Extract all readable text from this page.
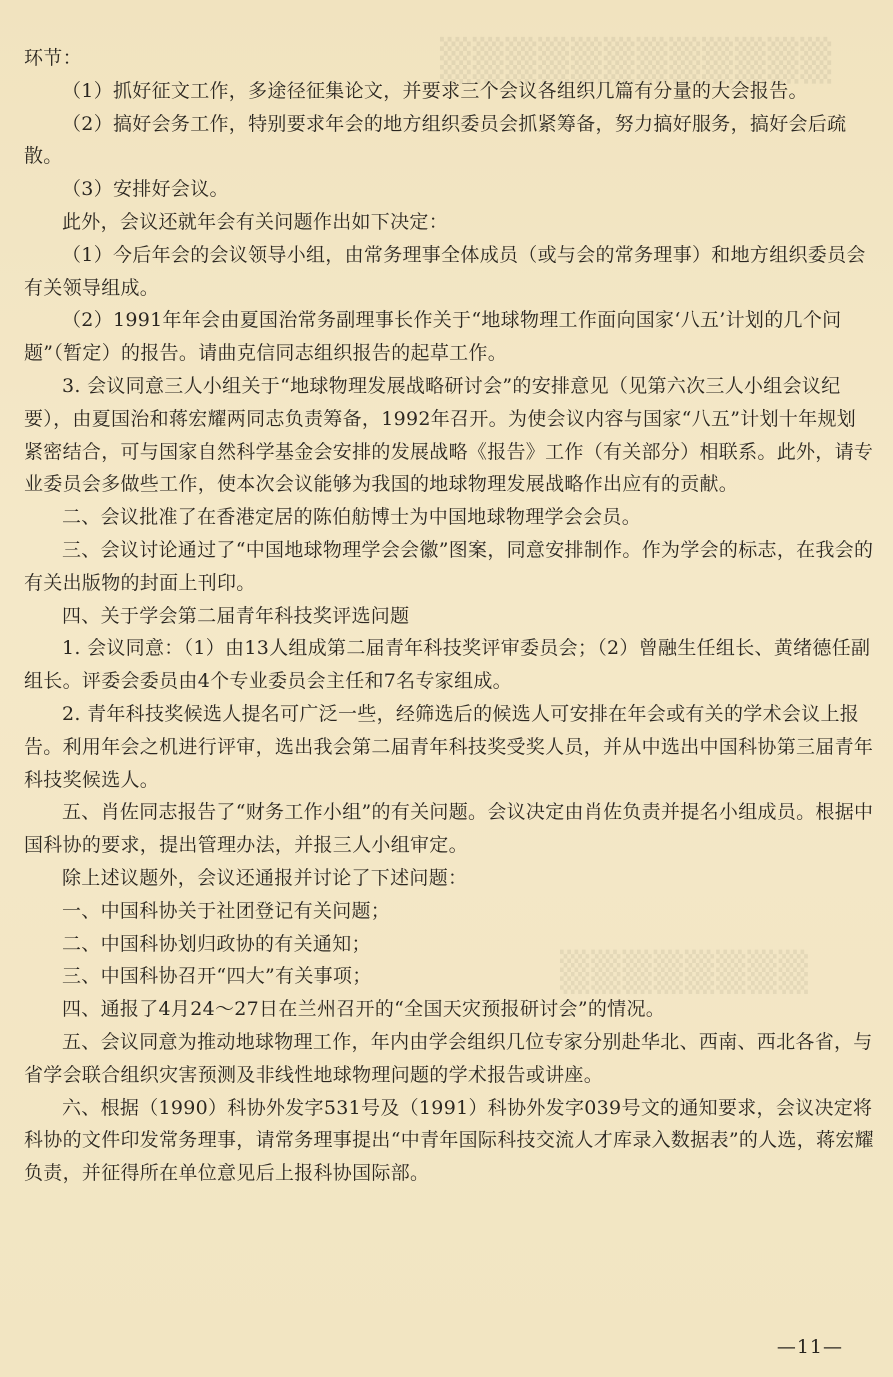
▒▒▒▒▒▒▒▒▒▒▒▒
▒▒▒▒▒▒▒▒

环节：

（1）抓好征文工作，多途径征集论文，并要求三个会议各组织几篇有分量的大会报告。

（2）搞好会务工作，特别要求年会的地方组织委员会抓紧筹备，努力搞好服务，搞好会后疏散。

（3）安排好会议。

此外，会议还就年会有关问题作出如下决定：

（1）今后年会的会议领导小组，由常务理事全体成员（或与会的常务理事）和地方组织委员会有关领导组成。

（2）1991年年会由夏国治常务副理事长作关于“地球物理工作面向国家‘八五’计划的几个问题”（暂定）的报告。请曲克信同志组织报告的起草工作。

3. 会议同意三人小组关于“地球物理发展战略研讨会”的安排意见（见第六次三人小组会议纪要），由夏国治和蒋宏耀两同志负责筹备，1992年召开。为使会议内容与国家“八五”计划十年规划紧密结合，可与国家自然科学基金会安排的发展战略《报告》工作（有关部分）相联系。此外，请专业委员会多做些工作，使本次会议能够为我国的地球物理发展战略作出应有的贡献。

二、会议批准了在香港定居的陈伯舫博士为中国地球物理学会会员。

三、会议讨论通过了“中国地球物理学会会徽”图案，同意安排制作。作为学会的标志，在我会的有关出版物的封面上刊印。

四、关于学会第二届青年科技奖评选问题

1. 会议同意：（1）由13人组成第二届青年科技奖评审委员会；（2）曾融生任组长、黄绪德任副组长。评委会委员由4个专业委员会主任和7名专家组成。

2. 青年科技奖候选人提名可广泛一些，经筛选后的候选人可安排在年会或有关的学术会议上报告。利用年会之机进行评审，选出我会第二届青年科技奖受奖人员，并从中选出中国科协第三届青年科技奖候选人。

五、肖佐同志报告了“财务工作小组”的有关问题。会议决定由肖佐负责并提名小组成员。根据中国科协的要求，提出管理办法，并报三人小组审定。

除上述议题外，会议还通报并讨论了下述问题：

一、中国科协关于社团登记有关问题；

二、中国科协划归政协的有关通知；

三、中国科协召开“四大”有关事项；

四、通报了4月24～27日在兰州召开的“全国天灾预报研讨会”的情况。

五、会议同意为推动地球物理工作，年内由学会组织几位专家分别赴华北、西南、西北各省，与省学会联合组织灾害预测及非线性地球物理问题的学术报告或讲座。

六、根据（1990）科协外发字531号及（1991）科协外发字039号文的通知要求，会议决定将科协的文件印发常务理事，请常务理事提出“中青年国际科技交流人才库录入数据表”的人选，蒋宏耀负责，并征得所在单位意见后上报科协国际部。

—11—
